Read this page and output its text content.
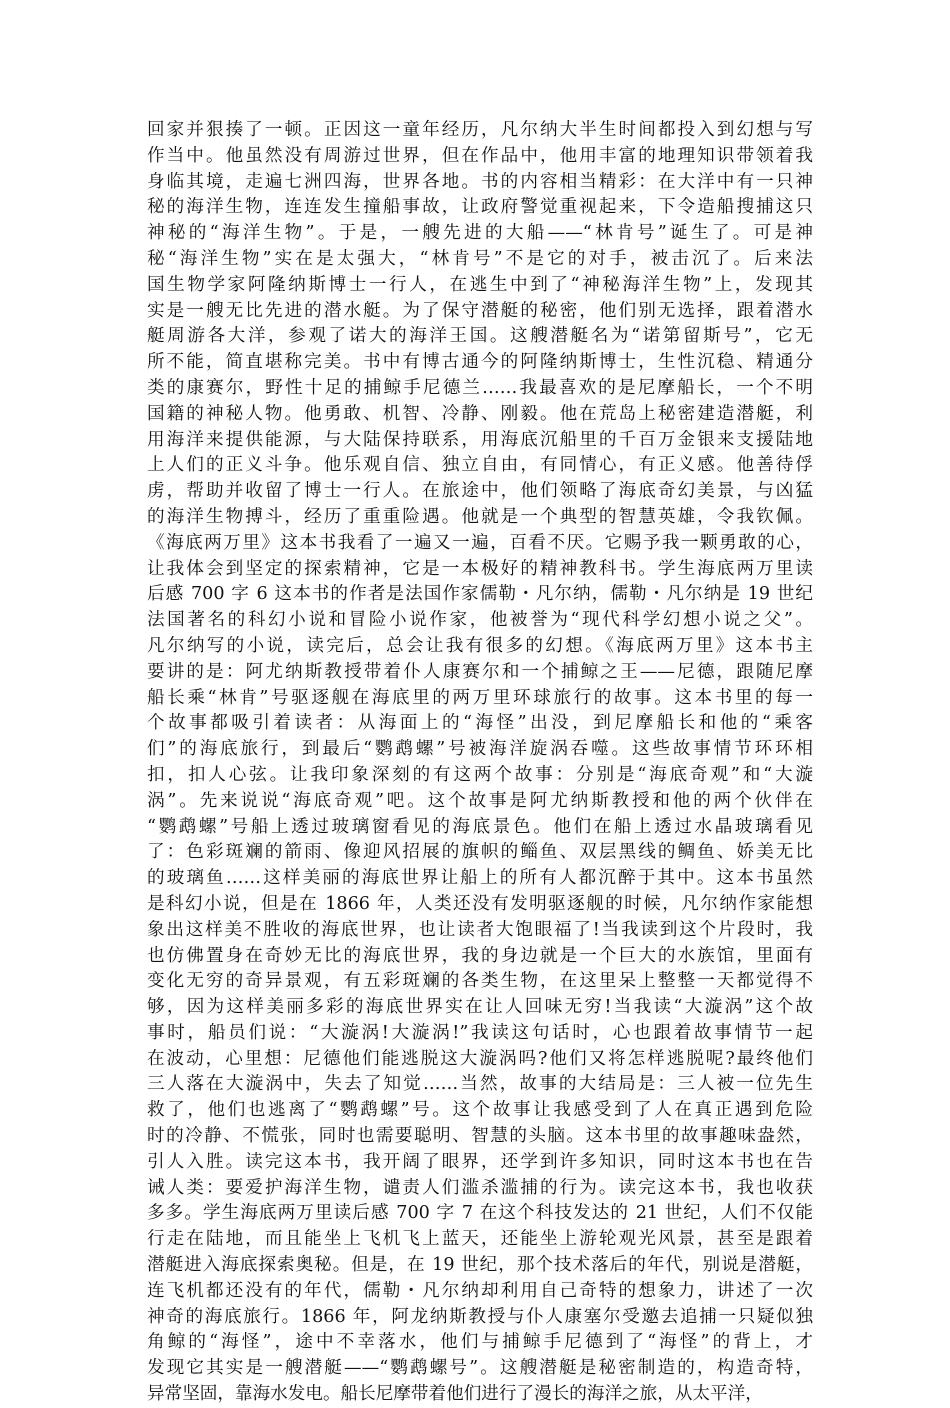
回家并狠揍了一顿。正因这一童年经历，凡尔纳大半生时间都投入到幻想与写
作当中。他虽然没有周游过世界，但在作品中，他用丰富的地理知识带领着我
身临其境，走遍七洲四海，世界各地。书的内容相当精彩：在大洋中有一只神
秘的海洋生物，连连发生撞船事故，让政府警觉重视起来，下令造船搜捕这只
神秘的“海洋生物”。于是，一艘先进的大船——“林肯号”诞生了。可是神
秘“海洋生物”实在是太强大，“林肯号”不是它的对手，被击沉了。后来法
国生物学家阿隆纳斯博士一行人，在逃生中到了“神秘海洋生物”上，发现其
实是一艘无比先进的潜水艇。为了保守潜艇的秘密，他们别无选择，跟着潜水
艇周游各大洋，参观了诺大的海洋王国。这艘潜艇名为“诺第留斯号”，它无
所不能，简直堪称完美。书中有博古通今的阿隆纳斯博士，生性沉稳、精通分
类的康赛尔，野性十足的捕鲸手尼德兰……我最喜欢的是尼摩船长，一个不明
国籍的神秘人物。他勇敢、机智、冷静、刚毅。他在荒岛上秘密建造潜艇，利
用海洋来提供能源，与大陆保持联系，用海底沉船里的千百万金银来支援陆地
上人们的正义斗争。他乐观自信、独立自由，有同情心，有正义感。他善待俘
虏，帮助并收留了博士一行人。在旅途中，他们领略了海底奇幻美景，与凶猛
的海洋生物搏斗，经历了重重险遇。他就是一个典型的智慧英雄，令我钦佩。
《海底两万里》这本书我看了一遍又一遍，百看不厌。它赐予我一颗勇敢的心，
让我体会到坚定的探索精神，它是一本极好的精神教科书。学生海底两万里读
后感 700 字 6 这本书的作者是法国作家儒勒・凡尔纳，儒勒・凡尔纳是 19 世纪
法国著名的科幻小说和冒险小说作家，他被誉为“现代科学幻想小说之父”。
凡尔纳写的小说，读完后，总会让我有很多的幻想。《海底两万里》这本书主
要讲的是：阿尤纳斯教授带着仆人康赛尔和一个捕鲸之王——尼德，跟随尼摩
船长乘“林肯”号驱逐舰在海底里的两万里环球旅行的故事。这本书里的每一
个故事都吸引着读者：从海面上的“海怪”出没，到尼摩船长和他的“乘客
们”的海底旅行，到最后“鹦鹉螺”号被海洋旋涡吞噬。这些故事情节环环相
扣，扣人心弦。让我印象深刻的有这两个故事：分别是“海底奇观”和“大漩
涡”。先来说说“海底奇观”吧。这个故事是阿尤纳斯教授和他的两个伙伴在
“鹦鹉螺”号船上透过玻璃窗看见的海底景色。他们在船上透过水晶玻璃看见
了：色彩斑斓的箭雨、像迎风招展的旗帜的鲻鱼、双层黑线的鲷鱼、娇美无比
的玻璃鱼……这样美丽的海底世界让船上的所有人都沉醉于其中。这本书虽然
是科幻小说，但是在 1866 年，人类还没有发明驱逐舰的时候，凡尔纳作家能想
象出这样美不胜收的海底世界，也让读者大饱眼福了!当我读到这个片段时，我
也仿佛置身在奇妙无比的海底世界，我的身边就是一个巨大的水族馆，里面有
变化无穷的奇异景观，有五彩斑斓的各类生物，在这里呆上整整一天都觉得不
够，因为这样美丽多彩的海底世界实在让人回味无穷!当我读“大漩涡”这个故
事时，船员们说：“大漩涡!大漩涡!”我读这句话时，心也跟着故事情节一起
在波动，心里想：尼德他们能逃脱这大漩涡吗?他们又将怎样逃脱呢?最终他们
三人落在大漩涡中，失去了知觉……当然，故事的大结局是：三人被一位先生
救了，他们也逃离了“鹦鹉螺”号。这个故事让我感受到了人在真正遇到危险
时的冷静、不慌张，同时也需要聪明、智慧的头脑。这本书里的故事趣味盎然，
引人入胜。读完这本书，我开阔了眼界，还学到许多知识，同时这本书也在告
诫人类：要爱护海洋生物，谴责人们滥杀滥捕的行为。读完这本书，我也收获
多多。学生海底两万里读后感 700 字 7 在这个科技发达的 21 世纪，人们不仅能
行走在陆地，而且能坐上飞机飞上蓝天，还能坐上游轮观光风景，甚至是跟着
潜艇进入海底探索奥秘。但是，在 19 世纪，那个技术落后的年代，别说是潜艇，
连飞机都还没有的年代，儒勒・凡尔纳却利用自己奇特的想象力，讲述了一次
神奇的海底旅行。1866 年，阿龙纳斯教授与仆人康塞尔受邀去追捕一只疑似独
角鲸的“海怪”，途中不幸落水，他们与捕鲸手尼德到了“海怪”的背上，才
发现它其实是一艘潜艇——“鹦鹉螺号”。这艘潜艇是秘密制造的，构造奇特，
异常坚固，靠海水发电。船长尼摩带着他们进行了漫长的海洋之旅，从太平洋，
